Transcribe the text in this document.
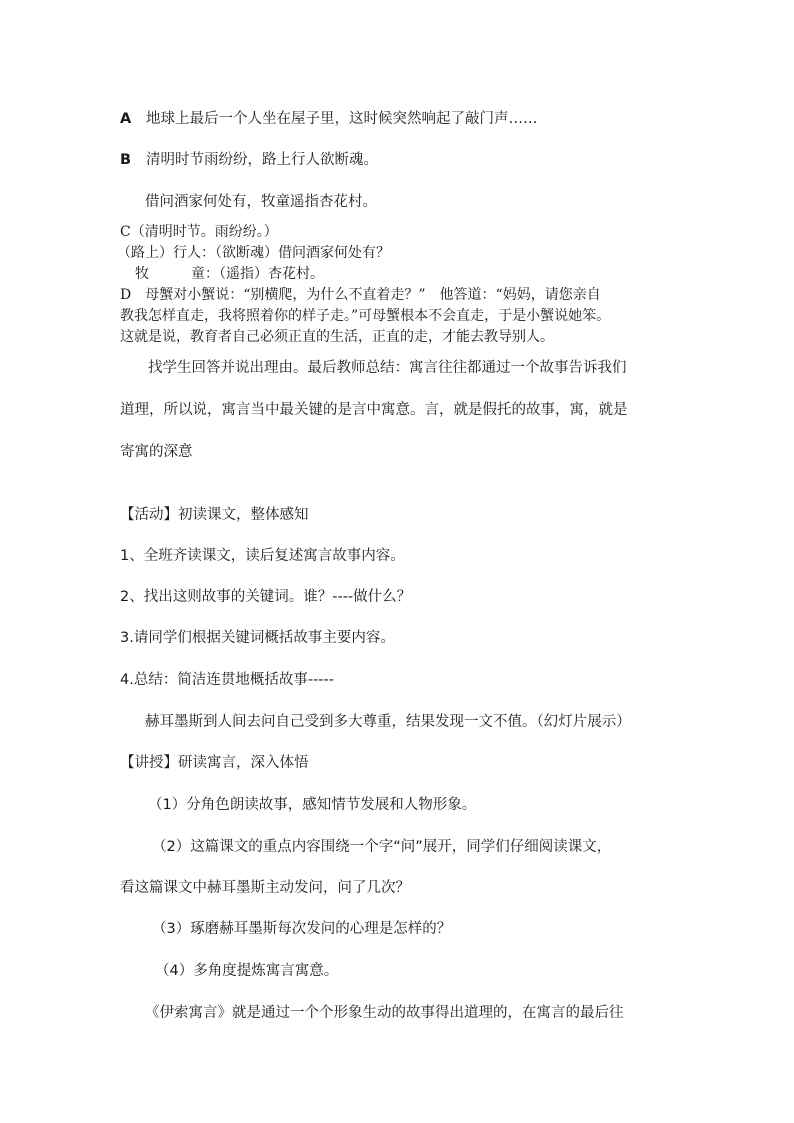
A 地球上最后一个人坐在屋子里，这时候突然响起了敲门声……
B 清明时节雨纷纷，路上行人欲断魂。
借问酒家何处有，牧童遥指杏花村。
C（清明时节。雨纷纷。）
（路上）行人：（欲断魂）借问酒家何处有？
牧　　　童：（遥指）杏花村。
D　母蟹对小蟹说：“别横爬，为什么不直着走？”　他答道：“妈妈，请您亲自
教我怎样直走，我将照着你的样子走。”可母蟹根本不会直走，于是小蟹说她笨。
这就是说，教育者自己必须正直的生活，正直的走，才能去教导别人。
找学生回答并说出理由。最后教师总结：寓言往往都通过一个故事告诉我们
道理，所以说，寓言当中最关键的是言中寓意。言，就是假托的故事，寓，就是
寄寓的深意
【活动】初读课文，整体感知
1、全班齐读课文，读后复述寓言故事内容。
2、找出这则故事的关键词。谁？----做什么？
3.请同学们根据关键词概括故事主要内容。
4.总结：简洁连贯地概括故事-----
赫耳墨斯到人间去问自己受到多大尊重，结果发现一文不值。（幻灯片展示）
【讲授】研读寓言，深入体悟
（1）分角色朗读故事，感知情节发展和人物形象。
（2）这篇课文的重点内容围绕一个字“问”展开，同学们仔细阅读课文，
看这篇课文中赫耳墨斯主动发问，问了几次？
（3）琢磨赫耳墨斯每次发问的心理是怎样的？
（4）多角度提炼寓言寓意。
《伊索寓言》就是通过一个个形象生动的故事得出道理的，在寓言的最后往
